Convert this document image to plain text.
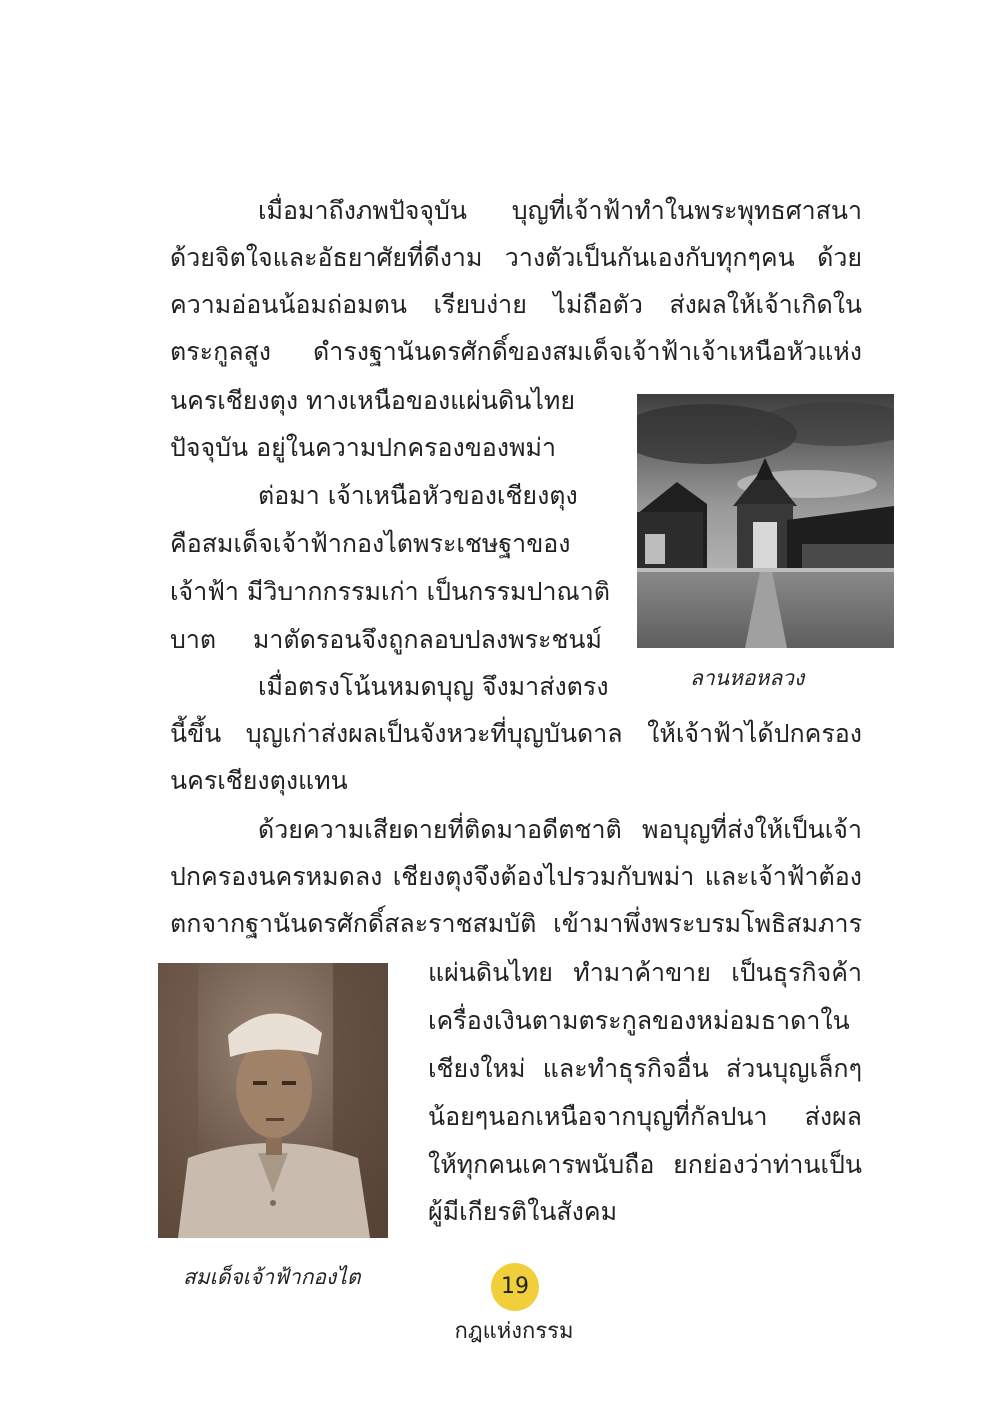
เมื่อมาถึงภพปัจจุบัน บุญที่เจ้าฟ้าทำในพระพุทธศาสนา
ด้วยจิตใจและอัธยาศัยที่ดีงาม วางตัวเป็นกันเองกับทุกๆคน ด้วย
ความอ่อนน้อมถ่อมตน เรียบง่าย ไม่ถือตัว ส่งผลให้เจ้าเกิดใน
ตระกูลสูง ดำรงฐานันดรศักดิ์ของสมเด็จเจ้าฟ้าเจ้าเหนือหัวแห่ง
นครเชียงตุง ทางเหนือของแผ่นดินไทย
ปัจจุบัน อยู่ในความปกครองของพม่า
ต่อมา เจ้าเหนือหัวของเชียงตุง
คือสมเด็จเจ้าฟ้ากองไตพระเชษฐาของ
เจ้าฟ้า มีวิบากกรรมเก่า เป็นกรรมปาณาติ
บาต มาตัดรอนจึงถูกลอบปลงพระชนม์
เมื่อตรงโน้นหมดบุญ จึงมาส่งตรง
นี้ขึ้น บุญเก่าส่งผลเป็นจังหวะที่บุญบันดาล ให้เจ้าฟ้าได้ปกครอง
นครเชียงตุงแทน
ด้วยความเสียดายที่ติดมาอดีตชาติ พอบุญที่ส่งให้เป็นเจ้า
ปกครองนครหมดลง เชียงตุงจึงต้องไปรวมกับพม่า และเจ้าฟ้าต้อง
ตกจากฐานันดรศักดิ์สละราชสมบัติ เข้ามาพึ่งพระบรมโพธิสมภาร
แผ่นดินไทย ทำมาค้าขาย เป็นธุรกิจค้า
เครื่องเงินตามตระกูลของหม่อมธาดาใน
เชียงใหม่ และทำธุรกิจอื่น ส่วนบุญเล็กๆ
น้อยๆนอกเหนือจากบุญที่กัลปนา ส่งผล
ให้ทุกคนเคารพนับถือ ยกย่องว่าท่านเป็น
ผู้มีเกียรติในสังคม
ลานหอหลวง
สมเด็จเจ้าฟ้ากองไต	19
กฎแห่งกรรม
